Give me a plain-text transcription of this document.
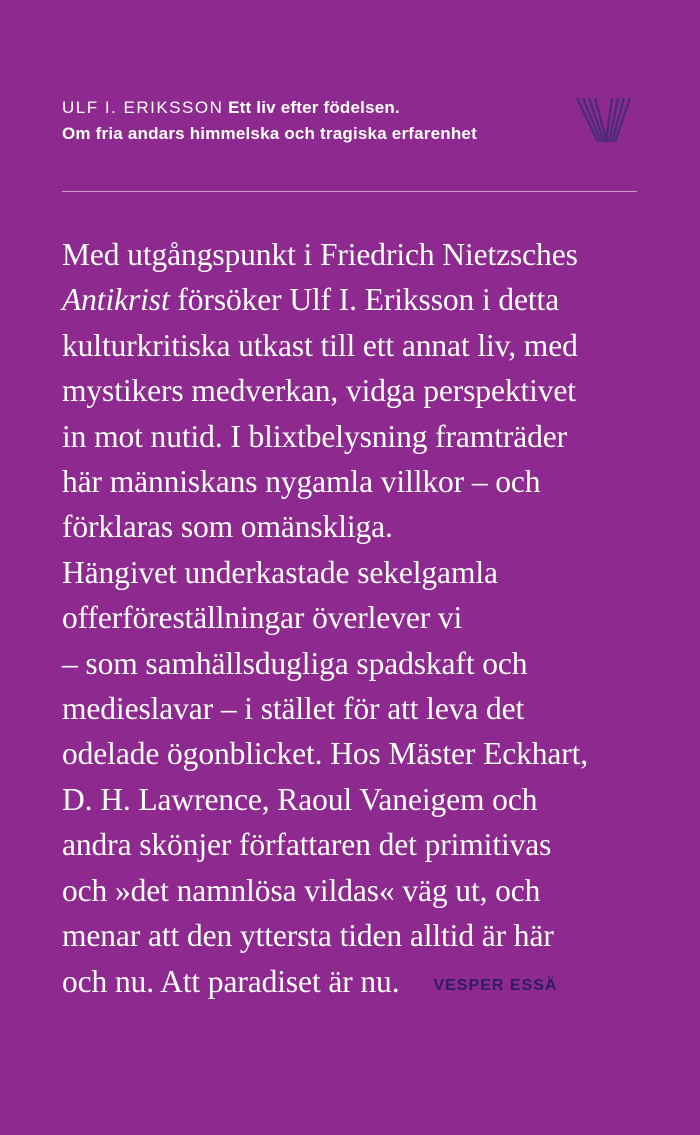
ULF I. ERIKSSON Ett liv efter födelsen.
Om fria andars himmelska och tragiska erfarenhet
Med utgångspunkt i Friedrich Nietzsches
Antikrist försöker Ulf I. Eriksson i detta
kulturkritiska utkast till ett annat liv, med
mystikers medverkan, vidga perspektivet
in mot nutid. I blixtbelysning framträder
här människans nygamla villkor – och
förklaras som omänskliga.
Hängivet underkastade sekelgamla
offerföreställningar överlever vi
– som samhällsdugliga spadskaft och
medieslavar – i stället för att leva det
odelade ögonblicket. Hos Mäster Eckhart,
D. H. Lawrence, Raoul Vaneigem och
andra skönjer författaren det primitivas
och »det namnlösa vildas« väg ut, och
menar att den yttersta tiden alltid är här
och nu. Att paradiset är nu. VESPER ESSÄ
